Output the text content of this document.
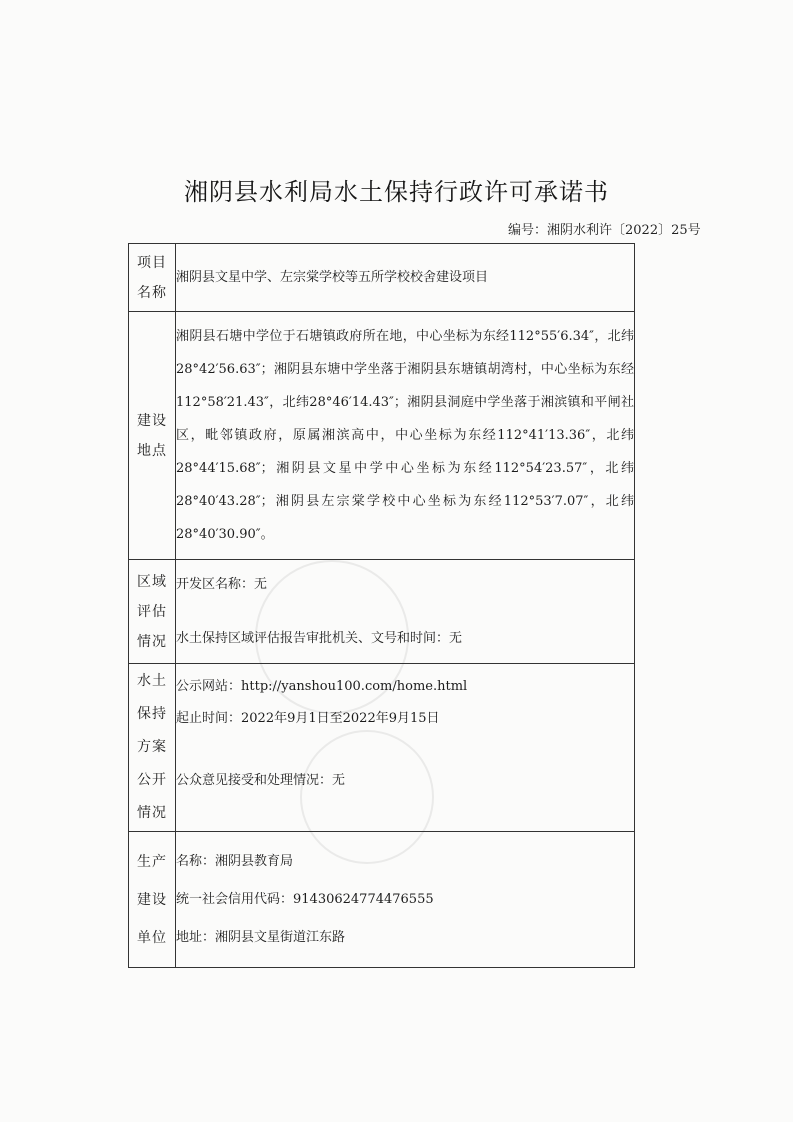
湘阴县水利局水土保持行政许可承诺书
编号：湘阴水利许〔2022〕25号
项目
名称	湘阴县文星中学、左宗棠学校等五所学校校舍建设项目

建设
地点	湘阴县石塘中学位于石塘镇政府所在地，中心坐标为东经112°55′6.34″，北纬28°42′56.63″；湘阴县东塘中学坐落于湘阴县东塘镇胡湾村，中心坐标为东经112°58′21.43″，北纬28°46′14.43″；湘阴县洞庭中学坐落于湘滨镇和平闸社区，毗邻镇政府，原属湘滨高中，中心坐标为东经112°41′13.36″，北纬28°44′15.68″；湘阴县文星中学中心坐标为东经112°54′23.57″，北纬28°40′43.28″；湘阴县左宗棠学校中心坐标为东经112°53′7.07″，北纬28°40′30.90″。

区域
评估
情况	开发区名称：无
水土保持区域评估报告审批机关、文号和时间：无

水土
保持
方案
公开
情况	公示网站：http://yanshou100.com/home.html
起止时间：2022年9月1日至2022年9月15日
公众意见接受和处理情况：无

生产
建设
单位	名称：湘阴县教育局
统一社会信用代码：91430624774476555
地址：湘阴县文星街道江东路
